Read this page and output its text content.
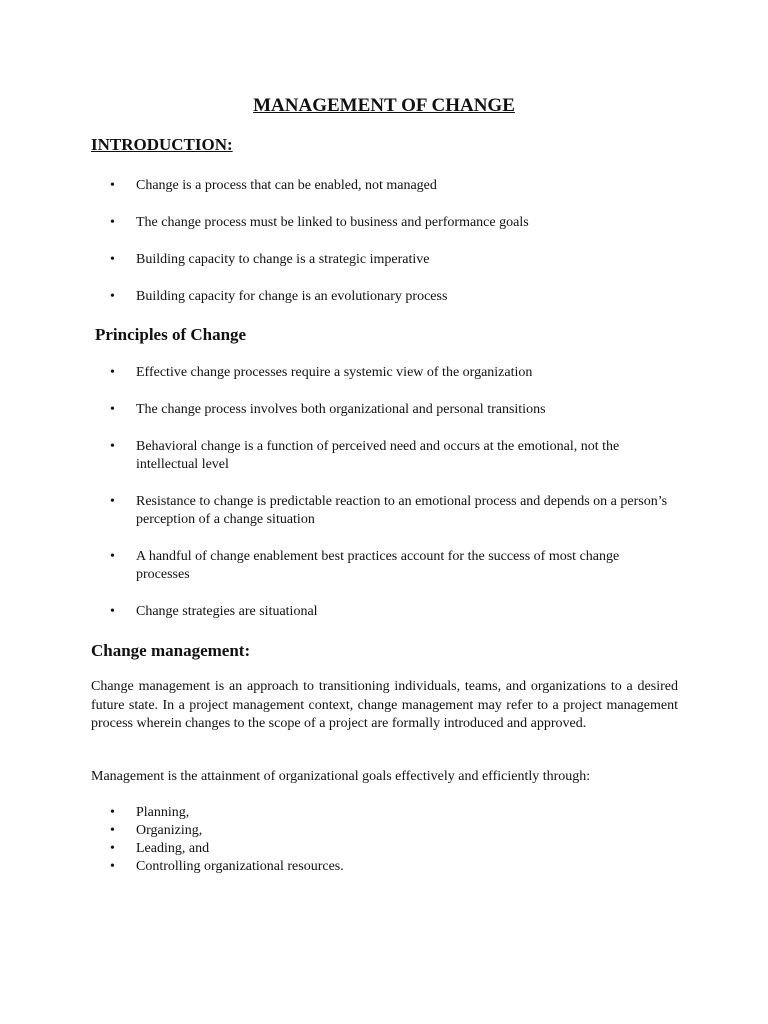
MANAGEMENT OF CHANGE
INTRODUCTION:
• Change is a process that can be enabled, not managed
• The change process must be linked to business and performance goals
• Building capacity to change is a strategic imperative
• Building capacity for change is an evolutionary process
Principles of Change
• Effective change processes require a systemic view of the organization
• The change process involves both organizational and personal transitions
• Behavioral change is a function of perceived need and occurs at the emotional, not the intellectual level
• Resistance to change is predictable reaction to an emotional process and depends on a person’s perception of a change situation
• A handful of change enablement best practices account for the success of most change processes
• Change strategies are situational
Change management:
Change management is an approach to transitioning individuals, teams, and organizations to a desired future state. In a project management context, change management may refer to a project management process wherein changes to the scope of a project are formally introduced and approved.
Management is the attainment of organizational goals effectively and efficiently through:
• Planning,
• Organizing,
• Leading, and
• Controlling organizational resources.
